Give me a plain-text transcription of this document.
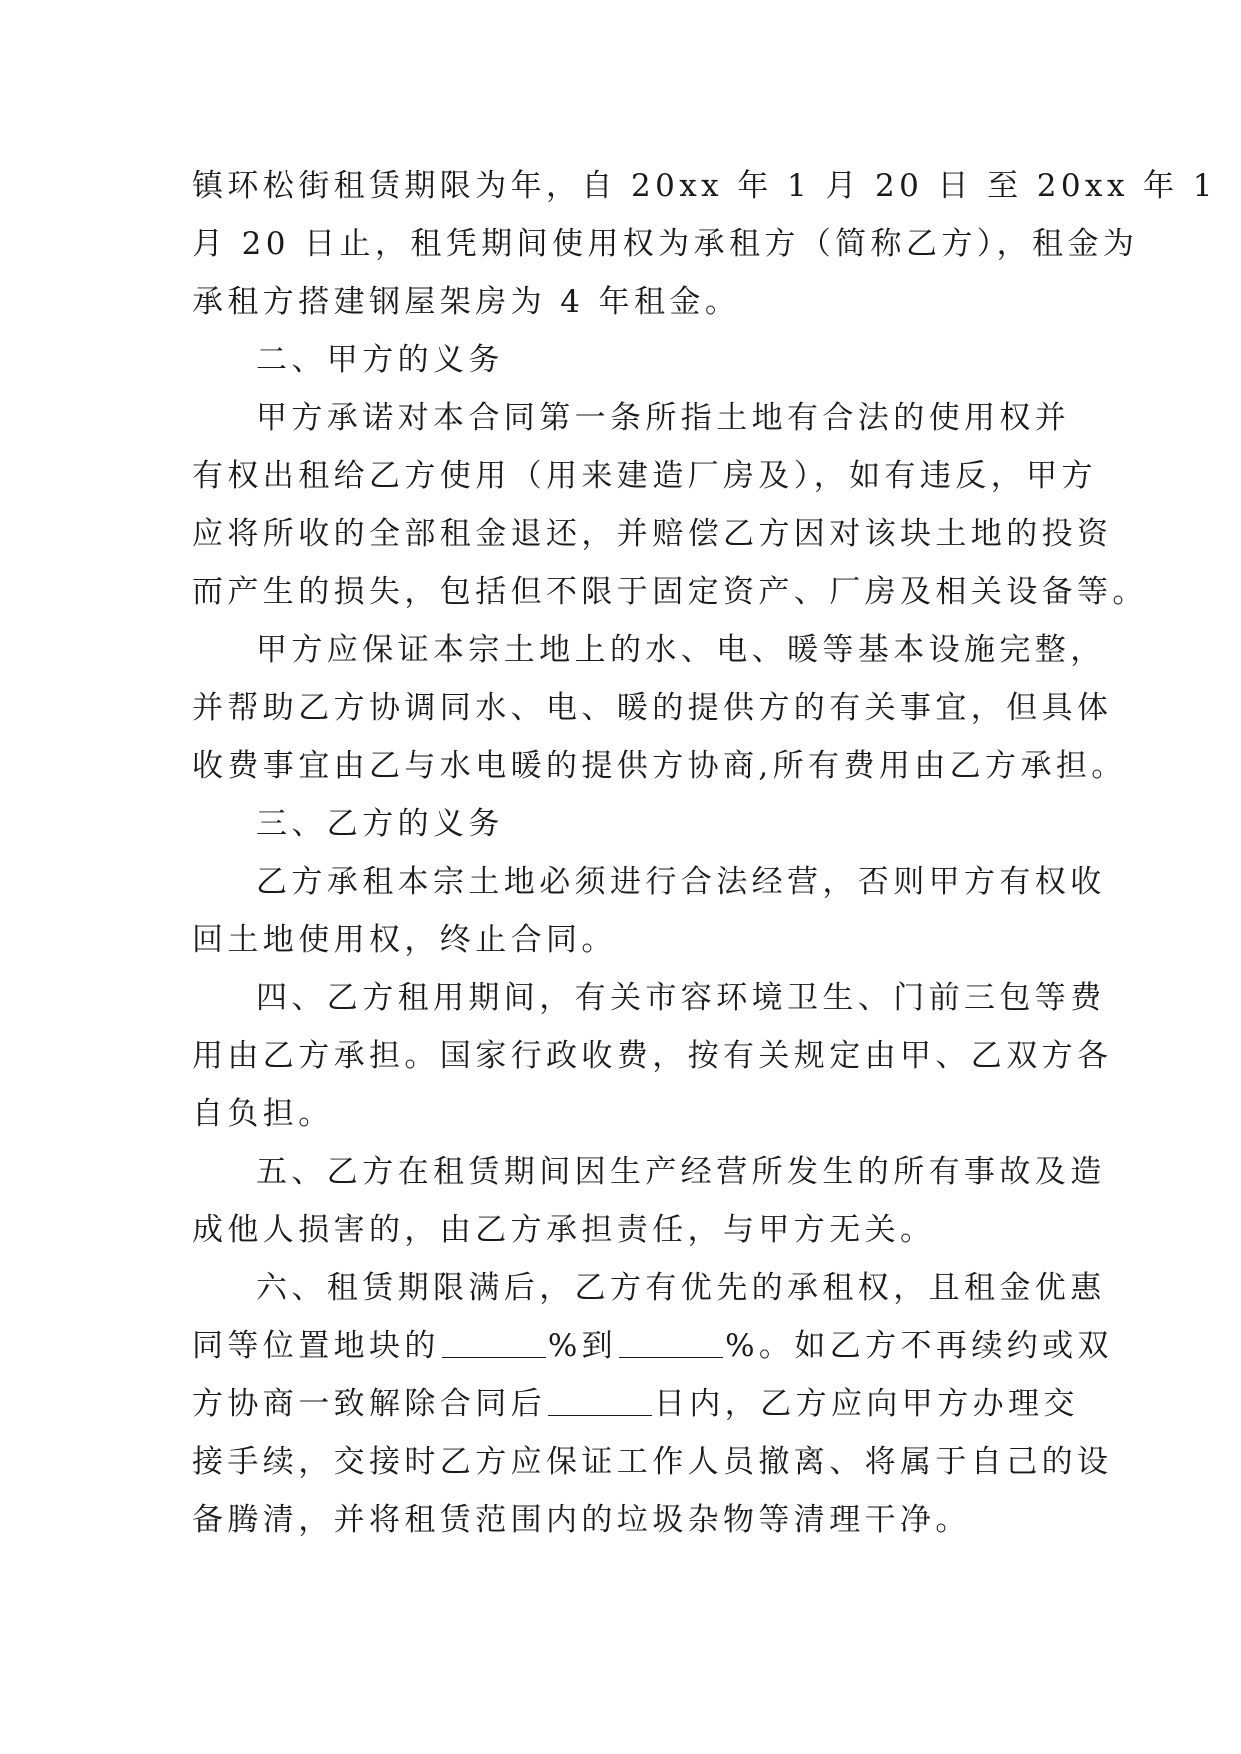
镇环松街租赁期限为年，自 20xx 年 1 月 20 日 至 20xx 年 1
月 20 日止，租凭期间使用权为承租方（简称乙方），租金为
承租方搭建钢屋架房为 4 年租金。
二、甲方的义务
甲方承诺对本合同第一条所指土地有合法的使用权并
有权出租给乙方使用（用来建造厂房及），如有违反，甲方
应将所收的全部租金退还，并赔偿乙方因对该块土地的投资
而产生的损失，包括但不限于固定资产、厂房及相关设备等。
甲方应保证本宗土地上的水、电、暖等基本设施完整，
并帮助乙方协调同水、电、暖的提供方的有关事宜，但具体
收费事宜由乙与水电暖的提供方协商,所有费用由乙方承担。
三、乙方的义务
乙方承租本宗土地必须进行合法经营，否则甲方有权收
回土地使用权，终止合同。
四、乙方租用期间，有关市容环境卫生、门前三包等费
用由乙方承担。国家行政收费，按有关规定由甲、乙双方各
自负担。
五、乙方在租赁期间因生产经营所发生的所有事故及造
成他人损害的，由乙方承担责任，与甲方无关。
六、租赁期限满后，乙方有优先的承租权，且租金优惠
同等位置地块的	%到	%。如乙方不再续约或双
方协商一致解除合同后	日内，乙方应向甲方办理交
接手续，交接时乙方应保证工作人员撤离、将属于自己的设
备腾清，并将租赁范围内的垃圾杂物等清理干净。
